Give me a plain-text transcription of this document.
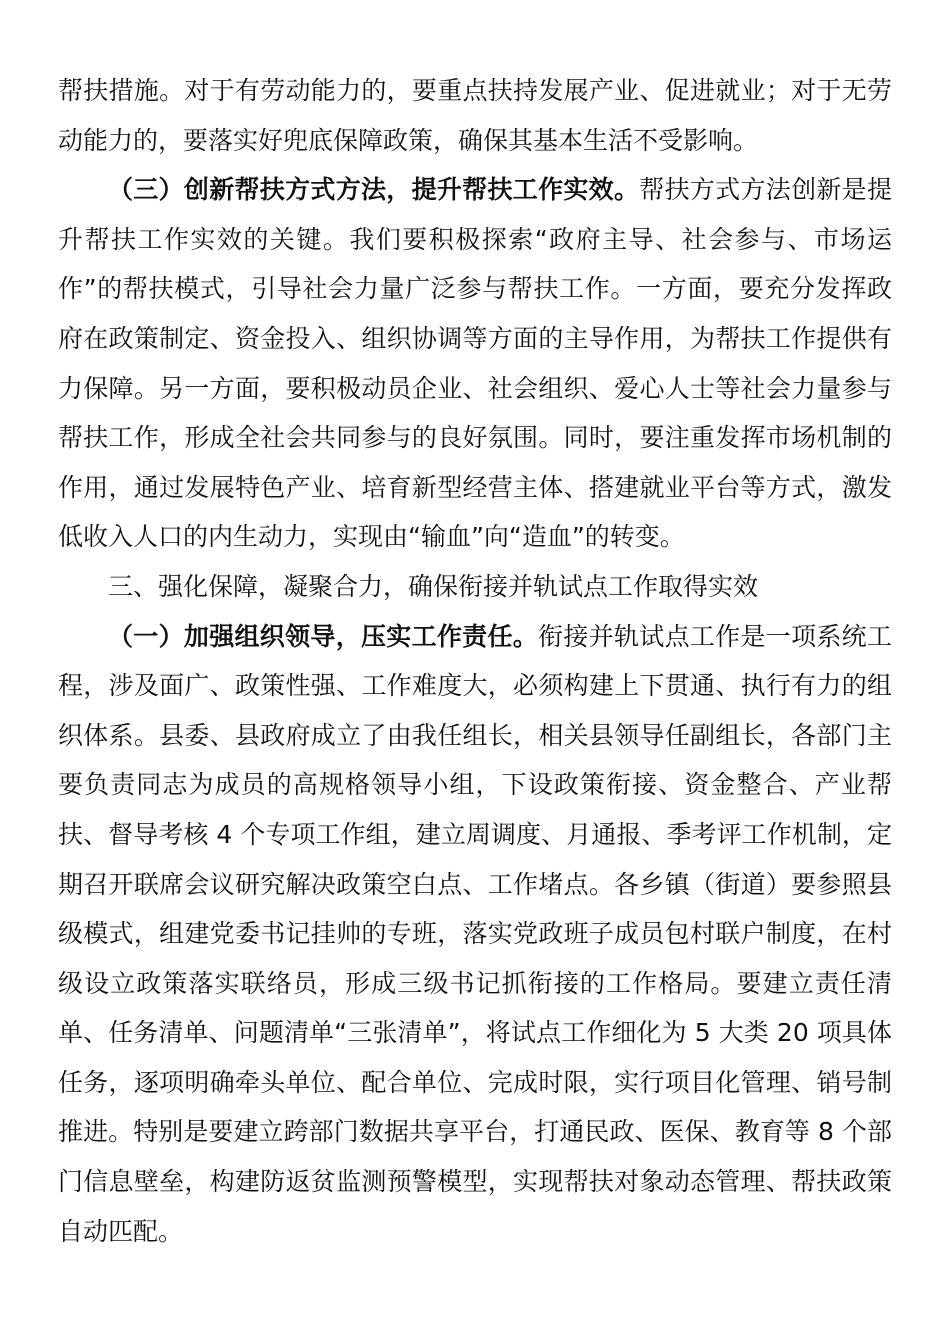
帮扶措施。对于有劳动能力的，要重点扶持发展产业、促进就业；对于无劳动能力的，要落实好兜底保障政策，确保其基本生活不受影响。

（三）创新帮扶方式方法，提升帮扶工作实效。帮扶方式方法创新是提升帮扶工作实效的关键。我们要积极探索“政府主导、社会参与、市场运作”的帮扶模式，引导社会力量广泛参与帮扶工作。一方面，要充分发挥政府在政策制定、资金投入、组织协调等方面的主导作用，为帮扶工作提供有力保障。另一方面，要积极动员企业、社会组织、爱心人士等社会力量参与帮扶工作，形成全社会共同参与的良好氛围。同时，要注重发挥市场机制的作用，通过发展特色产业、培育新型经营主体、搭建就业平台等方式，激发低收入人口的内生动力，实现由“输血”向“造血”的转变。

三、强化保障，凝聚合力，确保衔接并轨试点工作取得实效

（一）加强组织领导，压实工作责任。衔接并轨试点工作是一项系统工程，涉及面广、政策性强、工作难度大，必须构建上下贯通、执行有力的组织体系。县委、县政府成立了由我任组长，相关县领导任副组长，各部门主要负责同志为成员的高规格领导小组，下设政策衔接、资金整合、产业帮扶、督导考核 4 个专项工作组，建立周调度、月通报、季考评工作机制，定期召开联席会议研究解决政策空白点、工作堵点。各乡镇（街道）要参照县级模式，组建党委书记挂帅的专班，落实党政班子成员包村联户制度，在村级设立政策落实联络员，形成三级书记抓衔接的工作格局。要建立责任清单、任务清单、问题清单“三张清单”，将试点工作细化为 5 大类 20 项具体任务，逐项明确牵头单位、配合单位、完成时限，实行项目化管理、销号制推进。特别是要建立跨部门数据共享平台，打通民政、医保、教育等 8 个部门信息壁垒，构建防返贫监测预警模型，实现帮扶对象动态管理、帮扶政策自动匹配。
